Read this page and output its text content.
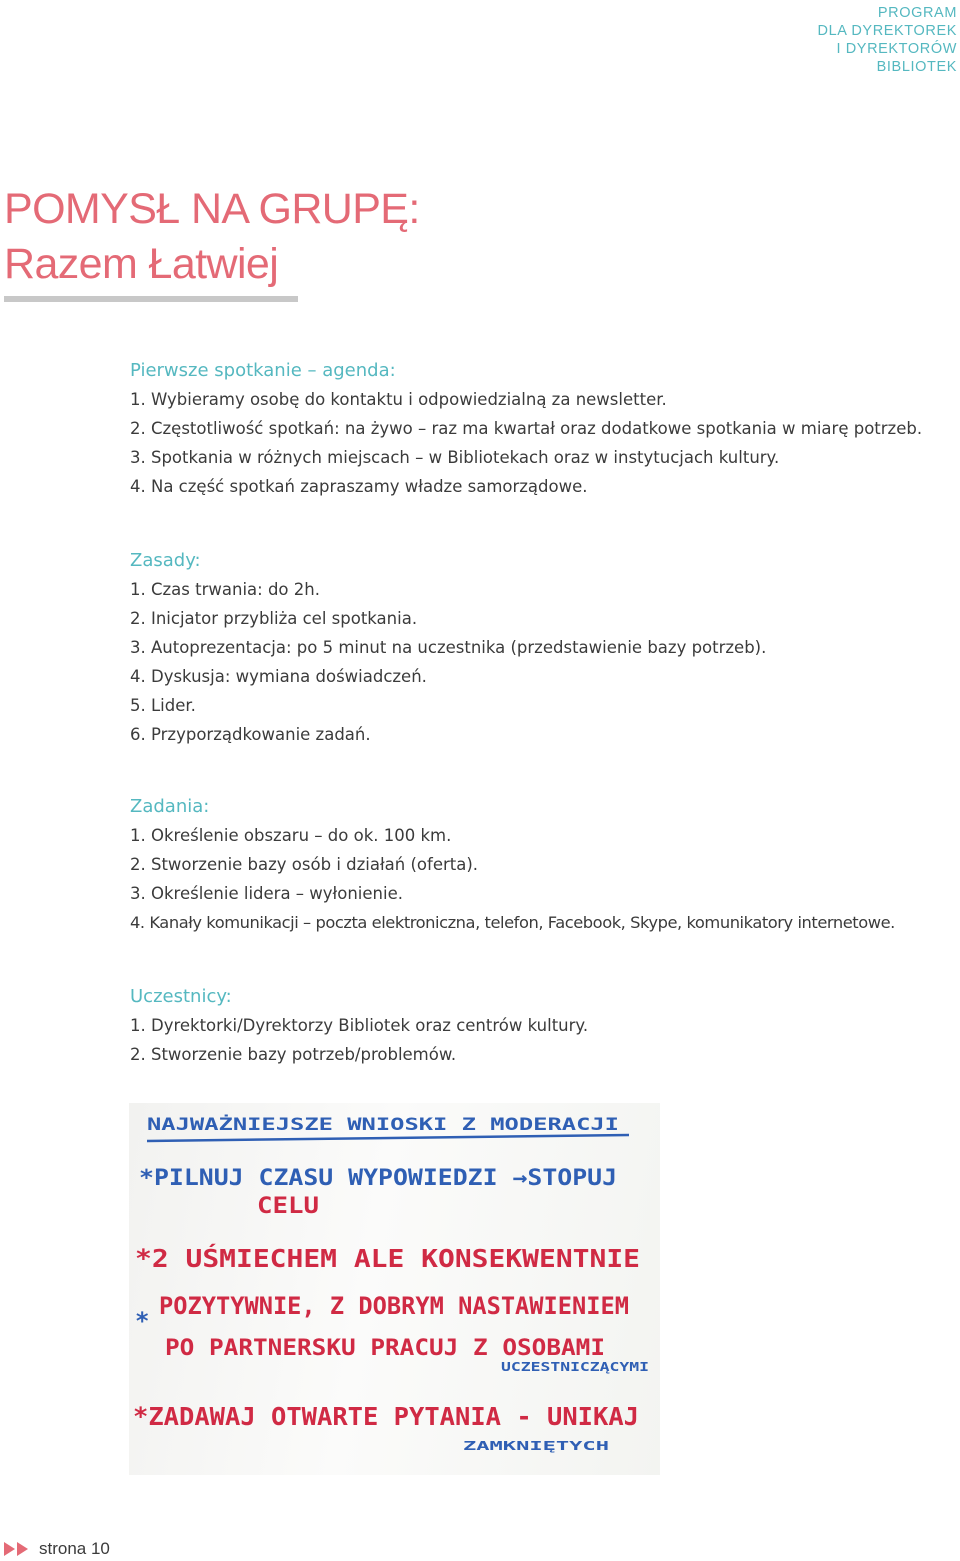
PROGRAM
DLA DYREKTOREK
I DYREKTORÓW
BIBLIOTEK
POMYSŁ NA GRUPĘ:
Razem Łatwiej
Pierwsze spotkanie – agenda:
1. Wybieramy osobę do kontaktu i odpowiedzialną za newsletter.
2. Częstotliwość spotkań: na żywo – raz ma kwartał oraz dodatkowe spotkania w miarę potrzeb.
3. Spotkania w różnych miejscach – w Bibliotekach oraz w instytucjach kultury.
4. Na część spotkań zapraszamy władze samorządowe.
Zasady:
1. Czas trwania: do 2h.
2. Inicjator przybliża cel spotkania.
3. Autoprezentacja: po 5 minut na uczestnika (przedstawienie bazy potrzeb).
4. Dyskusja: wymiana doświadczeń.
5. Lider.
6. Przyporządkowanie zadań.
Zadania:
1. Określenie obszaru – do ok. 100 km.
2. Stworzenie bazy osób i działań (oferta).
3. Określenie lidera – wyłonienie.
4. Kanały komunikacji – poczta elektroniczna, telefon, Facebook, Skype, komunikatory internetowe.
Uczestnicy:
1. Dyrektorki/Dyrektorzy Bibliotek oraz centrów kultury.
2. Stworzenie bazy potrzeb/problemów.
NAJWAŻNIEJSZE WNIOSKI Z MODERACJI
*PILNUJ CZASU WYPOWIEDZI →STOPUJ
CELU
*2 UŚMIECHEM ALE KONSEKWENTNIE
POZYTYWNIE, Z DOBRYM NASTAWIENIEM
*
PO PARTNERSKU PRACUJ Z OSOBAMI
UCZESTNICZĄCYMI
*ZADAWAJ OTWARTE PYTANIA - UNIKAJ
ZAMKNIĘTYCH
strona 10
